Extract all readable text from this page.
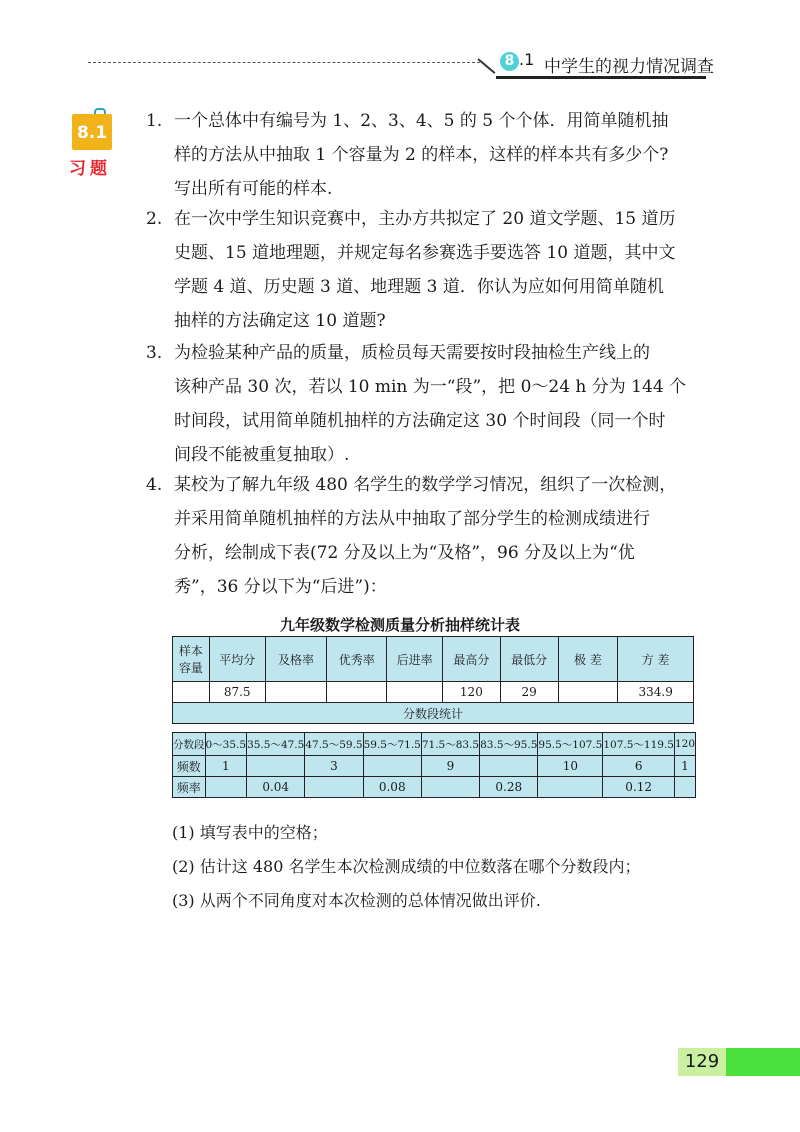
8 .1 中学生的视力情况调查
8.1
习题
1. 一个总体中有编号为 1、2、3、4、5 的 5 个个体．用简单随机抽
样的方法从中抽取 1 个容量为 2 的样本，这样的样本共有多少个?
写出所有可能的样本.
2. 在一次中学生知识竞赛中，主办方共拟定了 20 道文学题、15 道历
史题、15 道地理题，并规定每名参赛选手要选答 10 道题，其中文
学题 4 道、历史题 3 道、地理题 3 道．你认为应如何用简单随机
抽样的方法确定这 10 道题?
3. 为检验某种产品的质量，质检员每天需要按时段抽检生产线上的
该种产品 30 次，若以 10 min 为一“段”，把 0～24 h 分为 144 个
时间段，试用简单随机抽样的方法确定这 30 个时间段（同一个时
间段不能被重复抽取）.
4. 某校为了解九年级 480 名学生的数学学习情况，组织了一次检测，
并采用简单随机抽样的方法从中抽取了部分学生的检测成绩进行
分析，绘制成下表(72 分及以上为“及格”，96 分及以上为“优
秀”，36 分以下为“后进”)：
九年级数学检测质量分析抽样统计表
样本容量	平均分	及格率	优秀率	后进率	最高分	最低分	极 差	方 差
	87.5				120	29		334.9
分数段统计								
分数段	0～35.5	35.5～47.5	47.5～59.5	59.5～71.5	71.5～83.5	83.5～95.5	95.5～107.5	107.5～119.5	120
频数	1		3		9		10	6	1
频率		0.04		0.08		0.28		0.12	
(1) 填写表中的空格；
(2) 估计这 480 名学生本次检测成绩的中位数落在哪个分数段内；
(3) 从两个不同角度对本次检测的总体情况做出评价.
129
